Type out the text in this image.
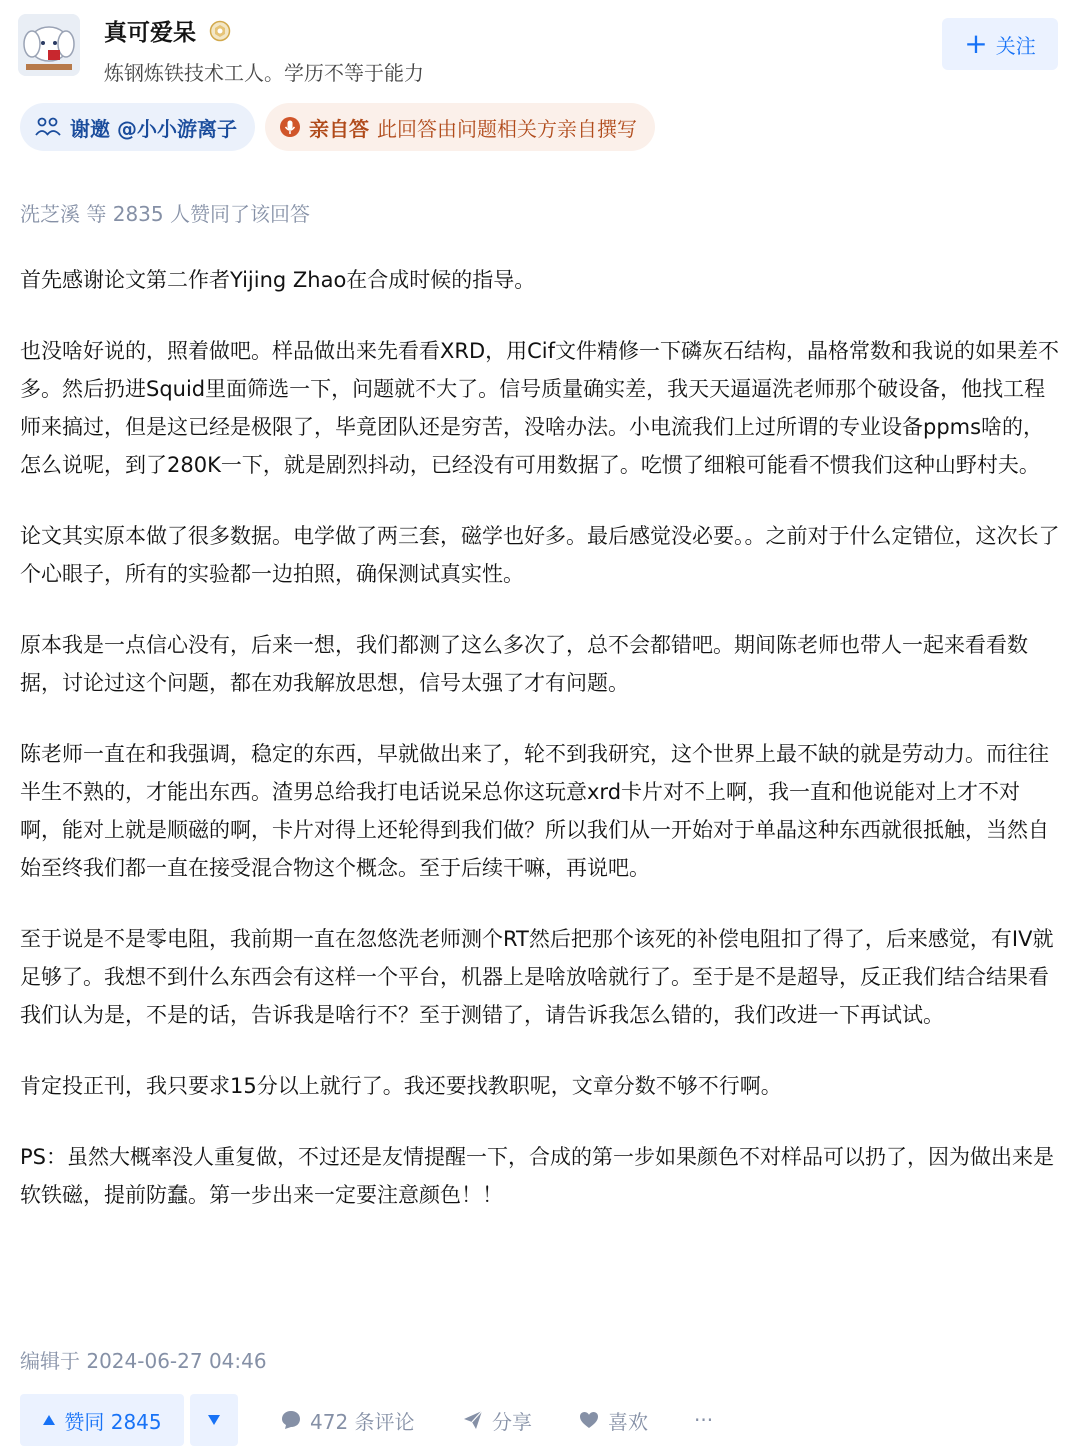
真可爱呆
炼钢炼铁技术工人。学历不等于能力
+ 关注
谢邀 @小小游离子	亲自答 此回答由问题相关方亲自撰写
洗芝溪 等 2835 人赞同了该回答

首先感谢论文第二作者Yijing Zhao在合成时候的指导。

也没啥好说的，照着做吧。样品做出来先看看XRD，用Cif文件精修一下磷灰石结构，晶格常数和我说的如果差不多。然后扔进Squid里面筛选一下，问题就不大了。信号质量确实差，我天天逼逼洗老师那个破设备，他找工程师来搞过，但是这已经是极限了，毕竟团队还是穷苦，没啥办法。小电流我们上过所谓的专业设备ppms啥的，怎么说呢，到了280K一下，就是剧烈抖动，已经没有可用数据了。吃惯了细粮可能看不惯我们这种山野村夫。

论文其实原本做了很多数据。电学做了两三套，磁学也好多。最后感觉没必要。。之前对于什么定错位，这次长了个心眼子，所有的实验都一边拍照，确保测试真实性。

原本我是一点信心没有，后来一想，我们都测了这么多次了，总不会都错吧。期间陈老师也带人一起来看看数据，讨论过这个问题，都在劝我解放思想，信号太强了才有问题。

陈老师一直在和我强调，稳定的东西，早就做出来了，轮不到我研究，这个世界上最不缺的就是劳动力。而往往半生不熟的，才能出东西。渣男总给我打电话说呆总你这玩意xrd卡片对不上啊，我一直和他说能对上才不对啊，能对上就是顺磁的啊，卡片对得上还轮得到我们做？所以我们从一开始对于单晶这种东西就很抵触，当然自始至终我们都一直在接受混合物这个概念。至于后续干嘛，再说吧。

至于说是不是零电阻，我前期一直在忽悠洗老师测个RT然后把那个该死的补偿电阻扣了得了，后来感觉，有IV就足够了。我想不到什么东西会有这样一个平台，机器上是啥放啥就行了。至于是不是超导，反正我们结合结果看我们认为是，不是的话，告诉我是啥行不？至于测错了，请告诉我怎么错的，我们改进一下再试试。

肯定投正刊，我只要求15分以上就行了。我还要找教职呢，文章分数不够不行啊。

PS：虽然大概率没人重复做，不过还是友情提醒一下，合成的第一步如果颜色不对样品可以扔了，因为做出来是软铁磁，提前防蠢。第一步出来一定要注意颜色！！

编辑于 2024-06-27 04:46
赞同 2845	472 条评论	分享	喜欢 ···
